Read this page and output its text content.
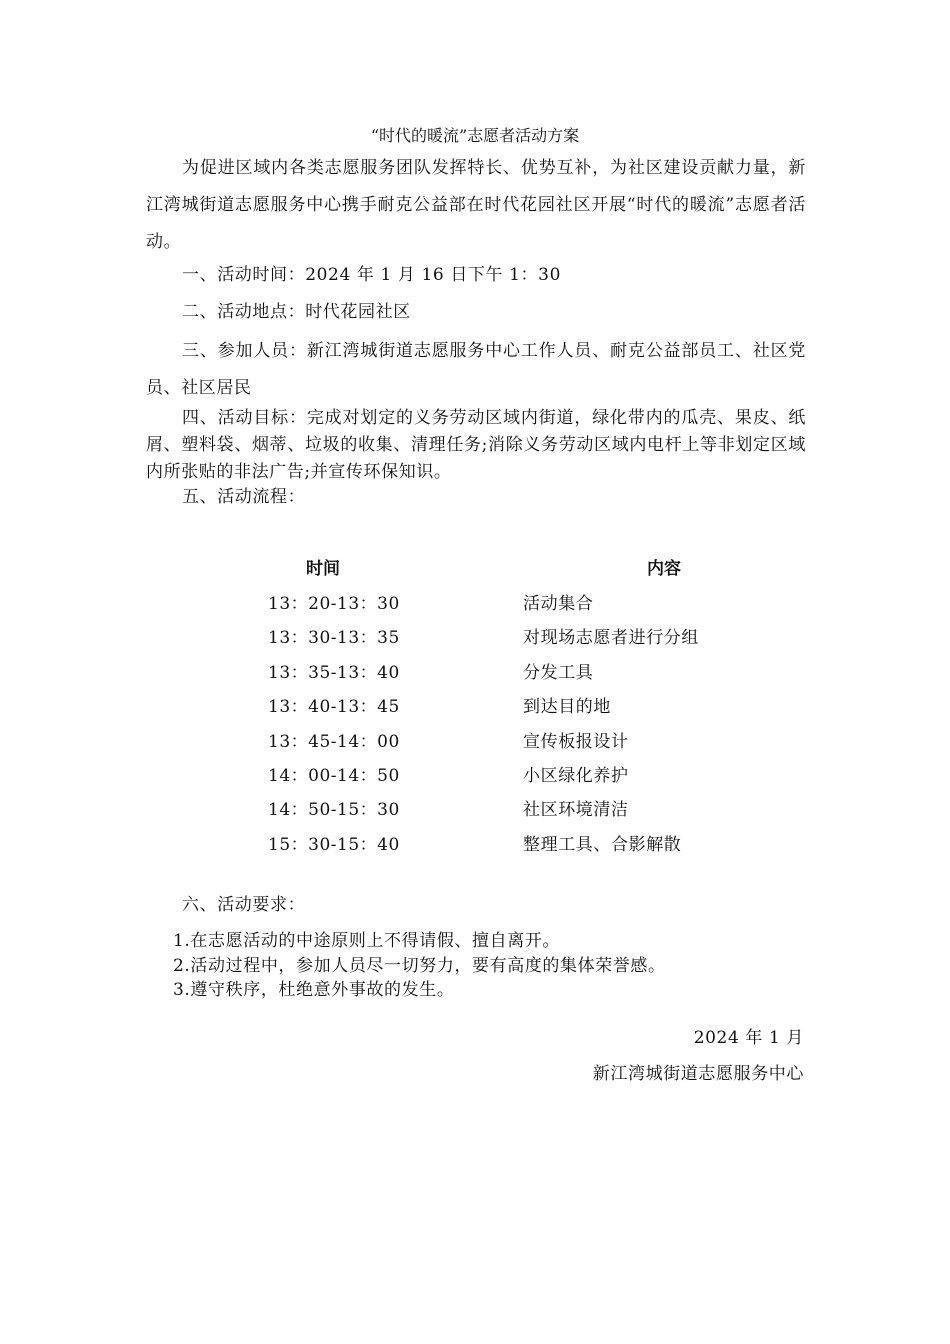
“时代的暖流”志愿者活动方案
为促进区域内各类志愿服务团队发挥特长、优势互补，为社区建设贡献力量，新江湾城街道志愿服务中心携手耐克公益部在时代花园社区开展“时代的暖流”志愿者活动。
一、活动时间：2024 年 1 月 16 日下午 1：30
二、活动地点：时代花园社区
三、参加人员：新江湾城街道志愿服务中心工作人员、耐克公益部员工、社区党员、社区居民
四、活动目标：完成对划定的义务劳动区域内街道，绿化带内的瓜壳、果皮、纸屑、塑料袋、烟蒂、垃圾的收集、清理任务;消除义务劳动区域内电杆上等非划定区域内所张贴的非法广告;并宣传环保知识。
五、活动流程：
时间	内容
13：20-13：30	活动集合
13：30-13：35	对现场志愿者进行分组
13：35-13：40	分发工具
13：40-13：45	到达目的地
13：45-14：00	宣传板报设计
14：00-14：50	小区绿化养护
14：50-15：30	社区环境清洁
15：30-15：40	整理工具、合影解散
六、活动要求：
1.在志愿活动的中途原则上不得请假、擅自离开。
2.活动过程中，参加人员尽一切努力，要有高度的集体荣誉感。
3.遵守秩序，杜绝意外事故的发生。
2024 年 1 月
新江湾城街道志愿服务中心
